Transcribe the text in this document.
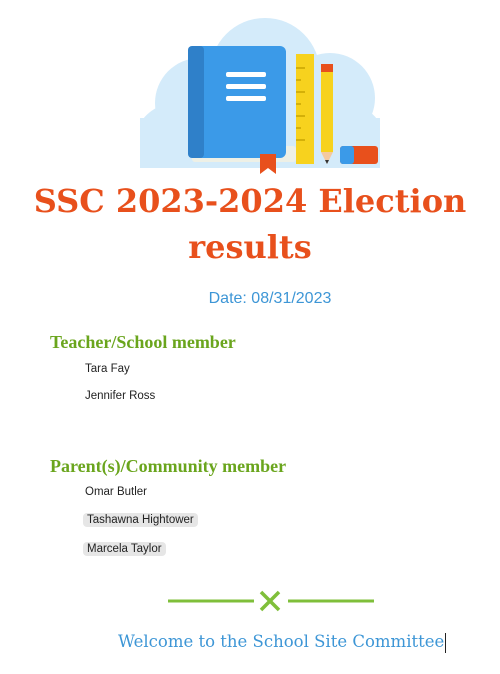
SSC 2023-2024 Election results
Date: 08/31/2023
Teacher/School member
Tara Fay
Jennifer Ross
Parent(s)/Community member
Omar Butler
Tashawna Hightower
Marcela Taylor
Welcome to the School Site Committee
